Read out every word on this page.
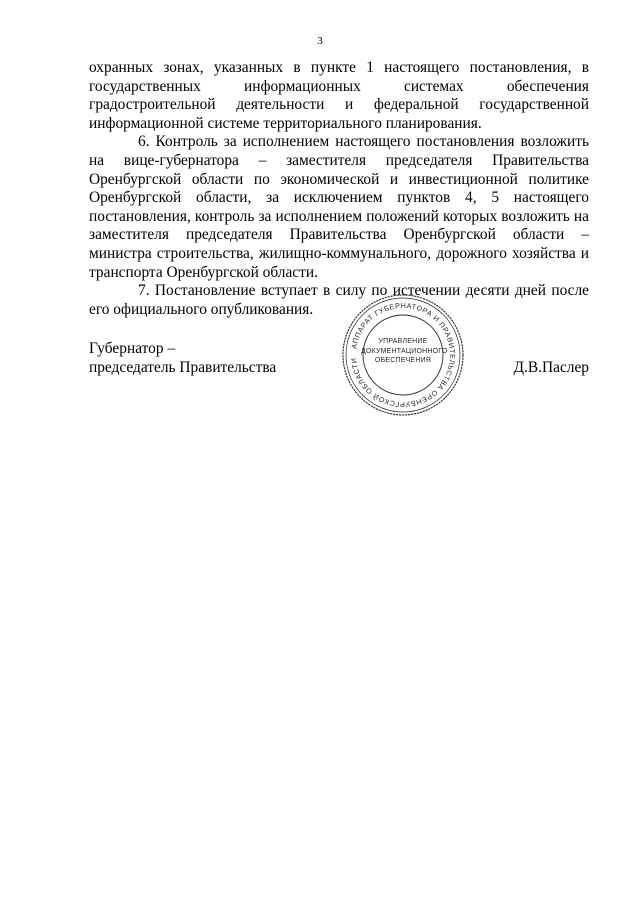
3

охранных зонах, указанных в пункте 1 настоящего постановления, в государственных информационных системах обеспечения градостроительной деятельности и федеральной государственной информационной системе территориального планирования.

6. Контроль за исполнением настоящего постановления возложить на вице-губернатора – заместителя председателя Правительства Оренбургской области по экономической и инвестиционной политике Оренбургской области, за исключением пунктов 4, 5 настоящего постановления, контроль за исполнением положений которых возложить на заместителя председателя Правительства Оренбургской области – министра строительства, жилищно-коммунального, дорожного хозяйства и транспорта Оренбургской области.

7. Постановление вступает в силу по истечении десяти дней после его официального опубликования.

Губернатор –
председатель Правительства	Д.В.Паслер
АППАРАТ ГУБЕРНАТОРА И ПРАВИТЕЛЬСТВА ОРЕНБУРГСКОЙ ОБЛАСТИ
УПРАВЛЕНИЕ
ДОКУМЕНТАЦИОННОГО
ОБЕСПЕЧЕНИЯ
